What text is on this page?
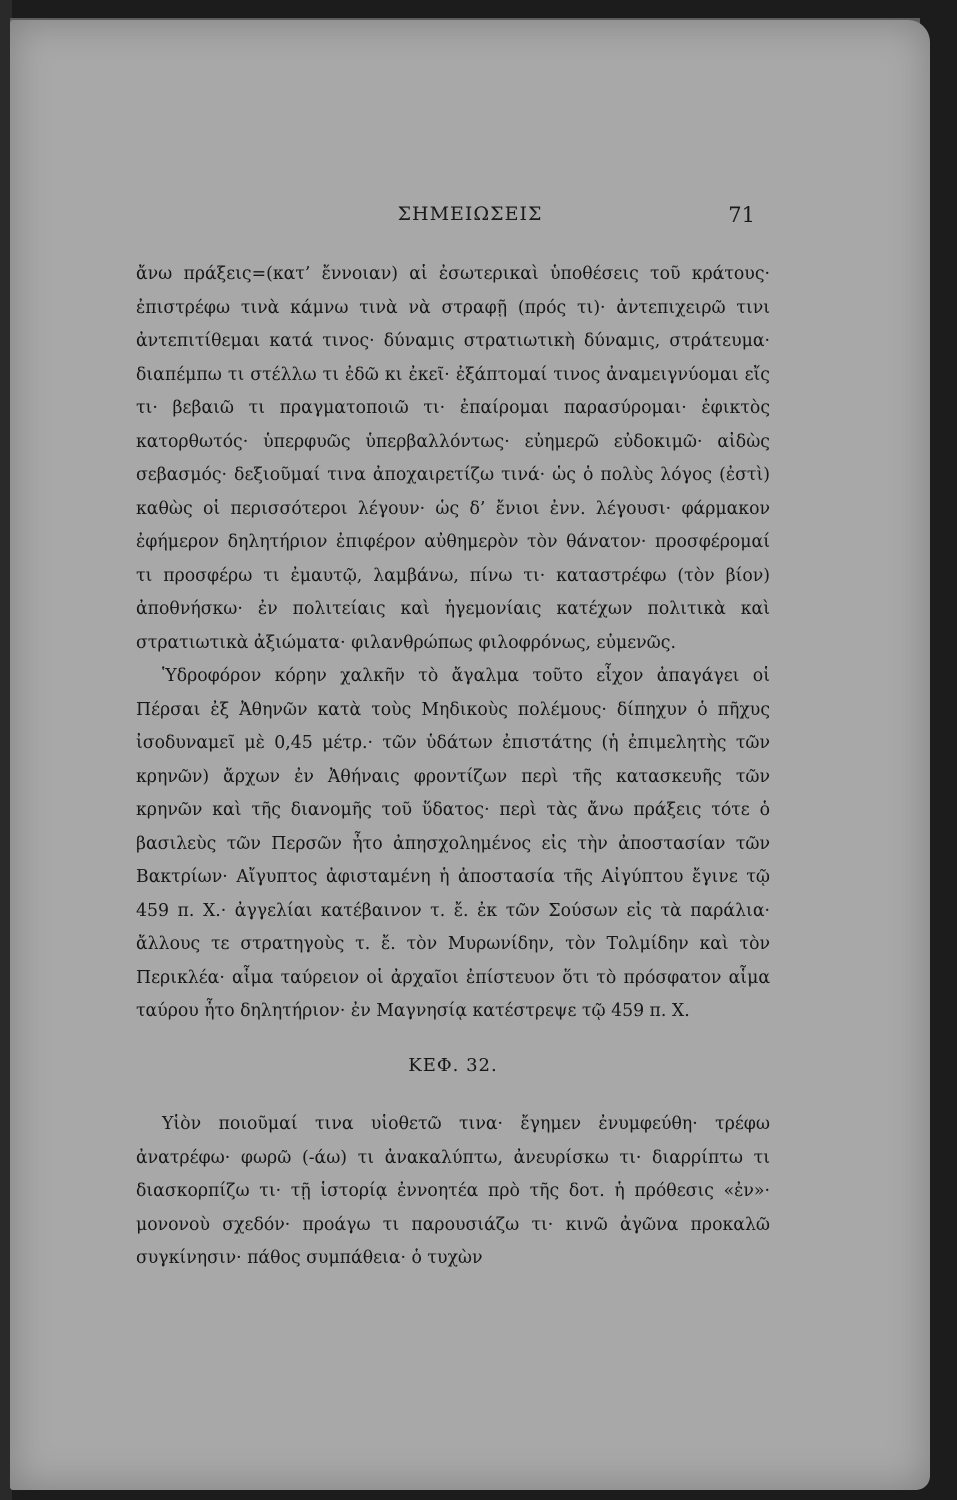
ΣΗΜΕΙΩΣΕΙΣ	71

ἄνω πράξεις=(κατ’ ἔννοιαν) αἱ ἐσωτερικαὶ ὑποθέσεις τοῦ κράτους· ἐπιστρέφω τινὰ κάμνω τινὰ νὰ στραφῇ (πρός τι)· ἀντεπιχειρῶ τινι ἀντεπιτίθεμαι κατά τινος· δύναμις στρατιωτικὴ δύναμις, στράτευμα· διαπέμπω τι στέλλω τι ἐδῶ κι ἐκεῖ· ἐξάπτομαί τινος ἀναμειγνύομαι εἴς τι· βεβαιῶ τι πραγματοποιῶ τι· ἐπαίρομαι παρασύρομαι· ἐφικτὸς κατορθωτός· ὑπερφυῶς ὑπερβαλλόντως· εὐημερῶ εὐδοκιμῶ· αἰδὼς σεβασμός· δεξιοῦμαί τινα ἀποχαιρετίζω τινά· ὡς ὁ πολὺς λόγος (ἐστὶ) καθὼς οἱ περισσότεροι λέγουν· ὡς δ’ ἔνιοι ἐνν. λέγουσι· φάρμακον ἐφήμερον δηλητήριον ἐπιφέρον αὐθημερὸν τὸν θάνατον· προσφέρομαί τι προσφέρω τι ἐμαυτῷ, λαμβάνω, πίνω τι· καταστρέφω (τὸν βίον) ἀποθνήσκω· ἐν πολιτείαις καὶ ἡγεμονίαις κατέχων πολιτικὰ καὶ στρατιωτικὰ ἀξιώματα· φιλανθρώπως φιλοφρόνως, εὐμενῶς.

Ὑδροφόρον κόρην χαλκῆν τὸ ἄγαλμα τοῦτο εἶχον ἀπαγάγει οἱ Πέρσαι ἐξ Ἀθηνῶν κατὰ τοὺς Μηδικοὺς πολέμους· δίπηχυν ὁ πῆχυς ἰσοδυναμεῖ μὲ 0,45 μέτρ.· τῶν ὑδάτων ἐπιστάτης (ἡ ἐπιμελητὴς τῶν κρηνῶν) ἄρχων ἐν Ἀθήναις φροντίζων περὶ τῆς κατασκευῆς τῶν κρηνῶν καὶ τῆς διανομῆς τοῦ ὕδατος· περὶ τὰς ἄνω πράξεις τότε ὁ βασιλεὺς τῶν Περσῶν ἦτο ἀπησχολημένος εἰς τὴν ἀποστασίαν τῶν Βακτρίων· Αἴγυπτος ἀφισταμένη ἡ ἀποστασία τῆς Αἰγύπτου ἔγινε τῷ 459 π. Χ.· ἀγγελίαι κατέβαινον τ. ἔ. ἐκ τῶν Σούσων εἰς τὰ παράλια· ἄλλους τε στρατηγοὺς τ. ἔ. τὸν Μυρωνίδην, τὸν Τολμίδην καὶ τὸν Περικλέα· αἷμα ταύρειον οἱ ἀρχαῖοι ἐπίστευον ὅτι τὸ πρόσφατον αἷμα ταύρου ἦτο δηλητήριον· ἐν Μαγνησίᾳ κατέστρεψε τῷ 459 π. Χ.

ΚΕΦ. 32.

Υἱὸν ποιοῦμαί τινα υἱοθετῶ τινα· ἔγημεν ἐνυμφεύθη· τρέφω ἀνατρέφω· φωρῶ (-άω) τι ἀνακαλύπτω, ἀνευρίσκω τι· διαρρίπτω τι διασκορπίζω τι· τῇ ἱστορίᾳ ἐννοητέα πρὸ τῆς δοτ. ἡ πρόθεσις «ἐν»· μονονοὺ σχεδόν· προάγω τι παρουσιάζω τι· κινῶ ἀγῶνα προκαλῶ συγκίνησιν· πάθος συμπάθεια· ὁ τυχὼν
